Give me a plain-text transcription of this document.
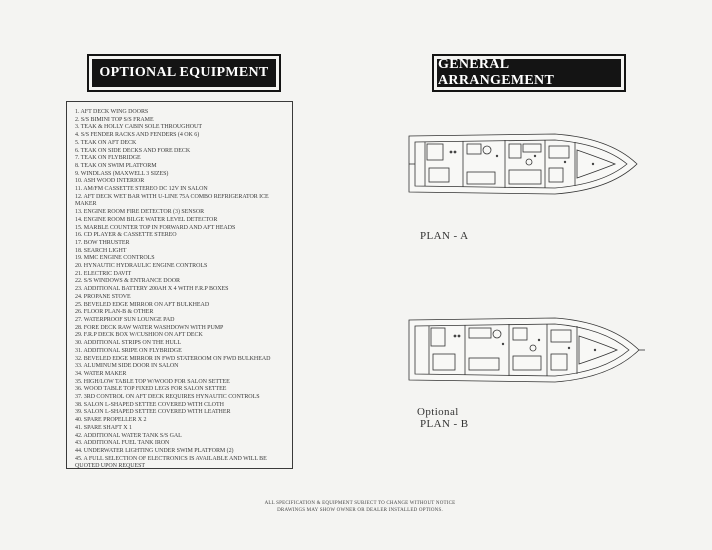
OPTIONAL EQUIPMENT
GENERAL ARRANGEMENT
1. AFT DECK WING DOORS
2. S/S BIMINI TOP S/S FRAME
3. TEAK & HOLLY CABIN SOLE THROUGHOUT
4. S/S FENDER RACKS AND FENDERS (4 OK 6)
5. TEAK ON AFT DECK
6. TEAK ON SIDE DECKS AND FORE DECK
7. TEAK ON FLYBRIDGE
8. TEAK ON SWIM PLATFORM
9. WINDLASS (MAXWELL 3 SIZES)
10. ASH WOOD INTERIOR
11. AM/FM CASSETTE STEREO DC 12V IN SALON
12. AFT DECK WET BAR WITH U-LINE 75A COMBO REFRIGERATOR ICE MAKER
13. ENGINE ROOM FIRE DETECTOR (3) SENSOR
14. ENGINE ROOM BILGE WATER LEVEL DETECTOR
15. MARBLE COUNTER TOP IN FORWARD AND AFT HEADS
16. CD PLAYER & CASSETTE STEREO
17. BOW THRUSTER
18. SEARCH LIGHT
19. MMC ENGINE CONTROLS
20. HYNAUTIC HYDRAULIC ENGINE CONTROLS
21. ELECTRIC DAVIT
22. S/S WINDOWS & ENTRANCE DOOR
23. ADDITIONAL BATTERY 200AH X 4 WITH F.R.P BOXES
24. PROPANE STOVE
25. BEVELED EDGE MIRROR ON AFT BULKHEAD
26. FLOOR PLAN-B & OTHER
27. WATERPROOF SUN LOUNGE PAD
28. FORE DECK RAW WATER WASHDOWN WITH PUMP
29. F.R.P DECK BOX W/CUSHION ON AFT DECK
30. ADDITIONAL STRIPS ON THE HULL
31. ADDITIONAL SRIPE ON FLYBRIDGE
32. BEVELED EDGE MIRROR IN FWD STATEROOM ON FWD BULKHEAD
33. ALUMINUM SIDE DOOR IN SALON
34. WATER MAKER
35. HIGH/LOW TABLE TOP W/WOOD FOR SALON SETTEE
36. WOOD TABLE TOP FIXED LEGS FOR SALON SETTEE
37. 3RD CONTROL ON AFT DECK REQUIRES HYNAUTIC CONTROLS
38. SALON L-SHAPED SETTEE COVERED WITH CLOTH
39. SALON L-SHAPED SETTEE COVERED WITH LEATHER
40. SPARE PROPELLER X 2
41. SPARE SHAFT X 1
42. ADDITIONAL WATER TANK S/S GAL
43. ADDITIONAL FUEL TANK IRON
44. UNDERWATER LIGHTING UNDER SWIM PLATFORM (2)
45. A FULL SELECTION OF ELECTRONICS IS AVAILABLE AND WILL BE QUOTED UPON REQUEST
PLAN - A
Optional
PLAN - B
ALL SPECIFICATION & EQUIPMENT SUBJECT TO CHANGE WITHOUT NOTICE
DRAWINGS MAY SHOW OWNER OR DEALER INSTALLED OPTIONS.
